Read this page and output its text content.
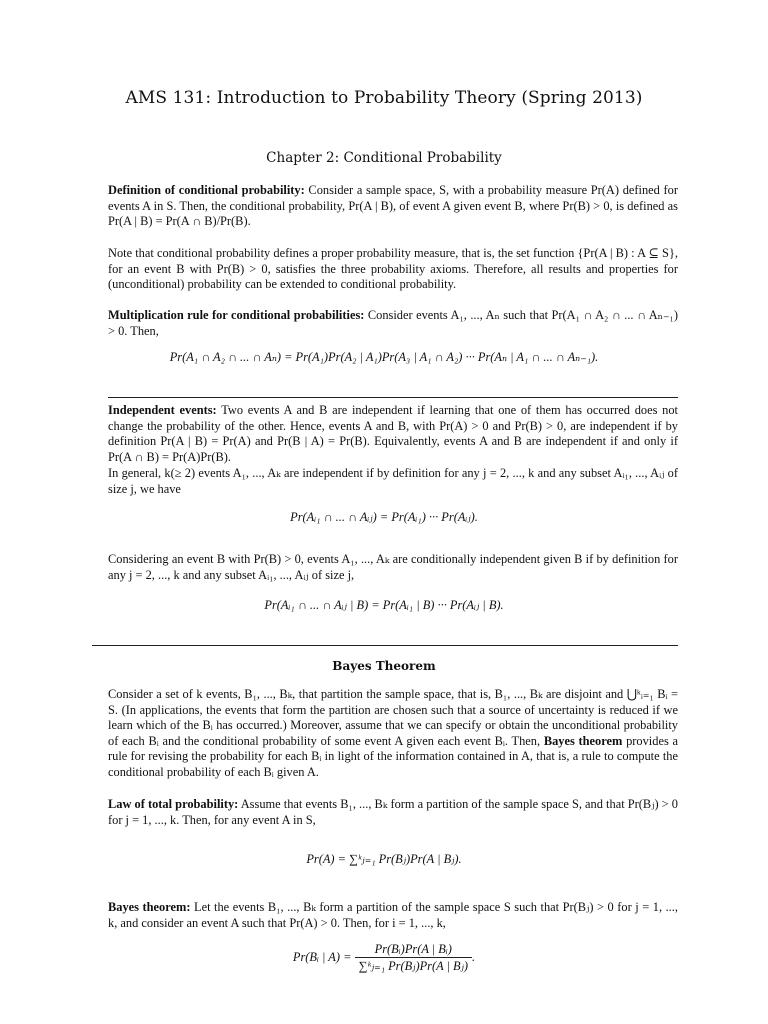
AMS 131: Introduction to Probability Theory (Spring 2013)
Chapter 2: Conditional Probability
Definition of conditional probability: Consider a sample space, S, with a probability measure Pr(A) defined for events A in S. Then, the conditional probability, Pr(A | B), of event A given event B, where Pr(B) > 0, is defined as Pr(A | B) = Pr(A ∩ B)/Pr(B).
Note that conditional probability defines a proper probability measure, that is, the set function {Pr(A | B) : A ⊆ S}, for an event B with Pr(B) > 0, satisfies the three probability axioms. Therefore, all results and properties for (unconditional) probability can be extended to conditional probability.
Multiplication rule for conditional probabilities: Consider events A₁, ..., Aₙ such that Pr(A₁ ∩ A₂ ∩ ... ∩ Aₙ₋₁) > 0. Then,
Pr(A₁ ∩ A₂ ∩ ... ∩ Aₙ) = Pr(A₁)Pr(A₂ | A₁)Pr(A₃ | A₁ ∩ A₂) ··· Pr(Aₙ | A₁ ∩ ... ∩ Aₙ₋₁).
Independent events: Two events A and B are independent if learning that one of them has occurred does not change the probability of the other. Hence, events A and B, with Pr(A) > 0 and Pr(B) > 0, are independent if by definition Pr(A | B) = Pr(A) and Pr(B | A) = Pr(B). Equivalently, events A and B are independent if and only if Pr(A ∩ B) = Pr(A)Pr(B).
In general, k(≥ 2) events A₁, ..., Aₖ are independent if by definition for any j = 2, ..., k and any subset Aᵢ₁, ..., Aᵢⱼ of size j, we have
Pr(Aᵢ₁ ∩ ... ∩ Aᵢⱼ) = Pr(Aᵢ₁) ··· Pr(Aᵢⱼ).
Considering an event B with Pr(B) > 0, events A₁, ..., Aₖ are conditionally independent given B if by definition for any j = 2, ..., k and any subset Aᵢ₁, ..., Aᵢⱼ of size j,
Pr(Aᵢ₁ ∩ ... ∩ Aᵢⱼ | B) = Pr(Aᵢ₁ | B) ··· Pr(Aᵢⱼ | B).
Bayes Theorem
Consider a set of k events, B₁, ..., Bₖ, that partition the sample space, that is, B₁, ..., Bₖ are disjoint and ⋃ᵏᵢ₌₁ Bᵢ = S. (In applications, the events that form the partition are chosen such that a source of uncertainty is reduced if we learn which of the Bᵢ has occurred.) Moreover, assume that we can specify or obtain the unconditional probability of each Bᵢ and the conditional probability of some event A given each event Bᵢ. Then, Bayes theorem provides a rule for revising the probability for each Bᵢ in light of the information contained in A, that is, a rule to compute the conditional probability of each Bᵢ given A.
Law of total probability: Assume that events B₁, ..., Bₖ form a partition of the sample space S, and that Pr(Bⱼ) > 0 for j = 1, ..., k. Then, for any event A in S,
Pr(A) = ∑ᵏⱼ₌₁ Pr(Bⱼ)Pr(A | Bⱼ).
Bayes theorem: Let the events B₁, ..., Bₖ form a partition of the sample space S such that Pr(Bⱼ) > 0 for j = 1, ..., k, and consider an event A such that Pr(A) > 0. Then, for i = 1, ..., k,
Pr(Bᵢ | $A) = \frac{\text{Pr(Bᵢ)Pr(A | Bᵢ)}}{\text{∑ᵏⱼ₌₁ Pr(Bⱼ)Pr(A | Bⱼ)}}$ .
